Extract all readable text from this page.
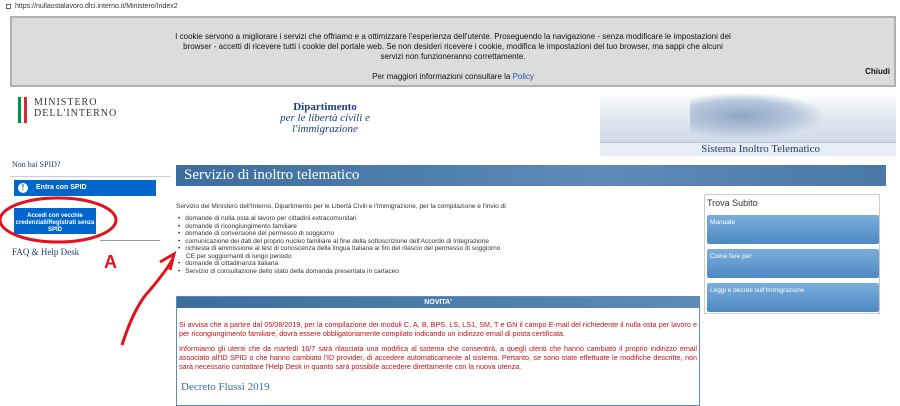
https://nullaostalavoro.dlci.interno.it/Ministero/Index2
I cookie servono a migliorare i servizi che offriamo e a ottimizzare l'esperienza dell'utente. Proseguendo la navigazione - senza modificare le impostazioni del browser - accetti di ricevere tutti i cookie del portale web. Se non desideri ricevere i cookie, modifica le impostazioni del tuo browser, ma sappi che alcuni servizi non funzioneranno correttamente.
Per maggiori informazioni consultare la Policy
Chiudi
MINISTERO
DELL'INTERNO
Dipartimento
per le libertà civili e
l'immigrazione
Sistema Inoltro Telematico
Non hai SPID?
!	Entra con SPID
Accedi con vecchie credenziali/Registrati senza SPID
FAQ & Help Desk
Servizio di inoltro telematico
Servizio del Ministero dell'Interno, Dipartimento per le Libertà Civili e l'Immigrazione, per la compilazione e l'invio di:
• domande di nulla osta al lavoro per cittadini extracomunitari
• domande di ricongiungimento familiare
• domande di conversione del permesso di soggiorno
• comunicazione dei dati del proprio nucleo familiare al fine della sottoscrizione dell'Accordo di Integrazione
• richiesta di ammissione al test di conoscenza della lingua Italiana ai fini del rilascio del permesso di soggiorno
CE per soggiornanti di lungo periodo
• domande di cittadinanza italiana
• Servizio di consultazione dello stato della domanda presentata in cartaceo
NOVITA'

Si avvisa che a partire dal 05/08/2019, per la compilazione dei moduli C, A, B, BPS, LS, LS1, SM, T e GN il campo E-mail del richiedente il nulla osta per lavoro e per ricongiungimento familiare, dovrà essere obbligatoriamente compilato indicando un indirizzo email di posta certificata.

Informiamo gli utenti che da martedì 16/7 sarà rilasciata una modifica al sistema che consentirà, a quegli utenti che hanno cambiato il proprio indirizzo email associato all'ID SPID o che hanno cambiato l'ID provider, di accedere automaticamente al sistema. Pertanto, se sono state effettuate le modifiche descritte, non sarà necessario contattare l'Help Desk in quanto sarà possibile accedere direttamente con la nuova utenza.

Decreto Flussi 2019
Trova Subito
Manuale
Come fare per
Leggi e decreti sull'Immigrazione
A
